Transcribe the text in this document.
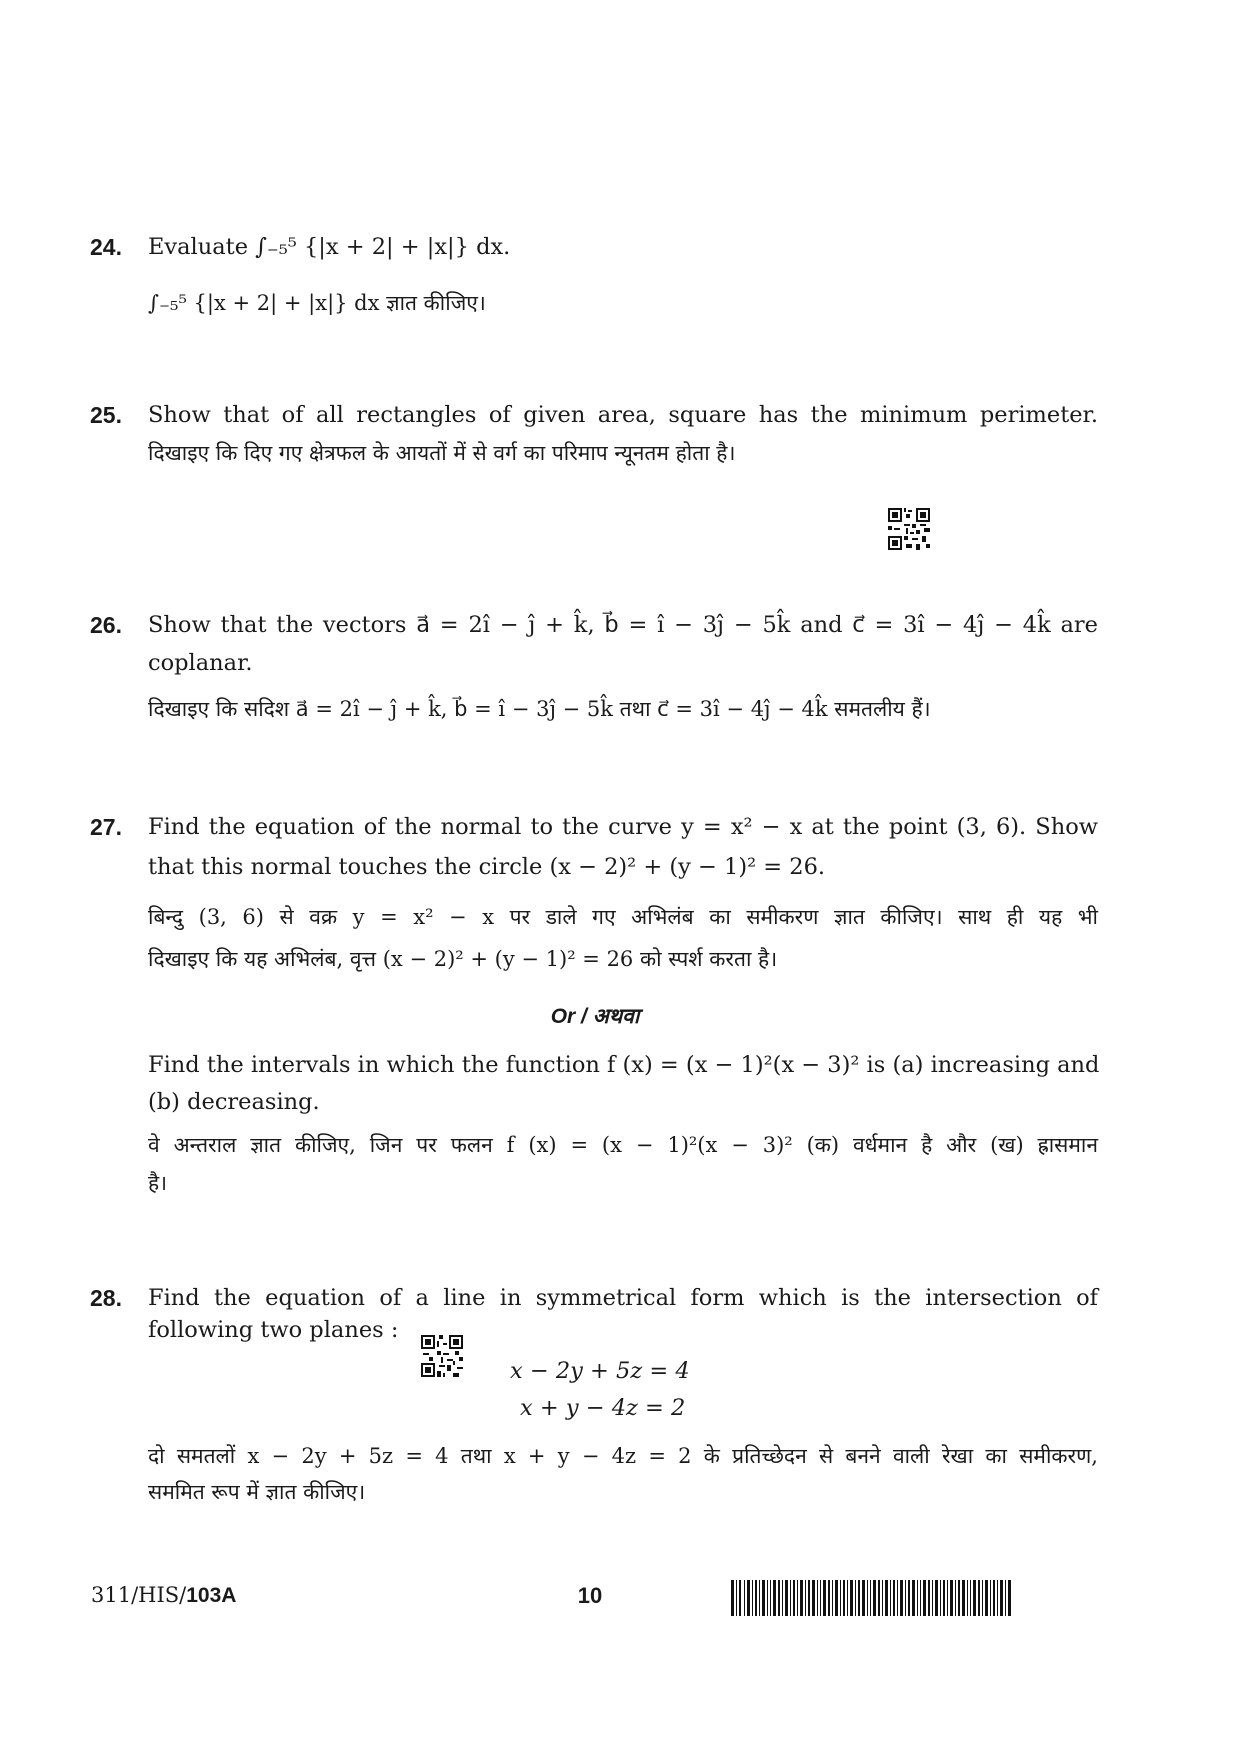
24. Evaluate ∫₋₅⁵ {|x + 2| + |x|} dx.
∫₋₅⁵ {|x + 2| + |x|} dx ज्ञात कीजिए।
25. Show that of all rectangles of given area, square has the minimum perimeter.
दिखाइए कि दिए गए क्षेत्रफल के आयतों में से वर्ग का परिमाप न्यूनतम होता है।
26. Show that the vectors a⃗ = 2î − ĵ + k̂, b⃗ = î − 3ĵ − 5k̂ and c⃗ = 3î − 4ĵ − 4k̂ are
coplanar.
दिखाइए कि सदिश a⃗ = 2î − ĵ + k̂, b⃗ = î − 3ĵ − 5k̂ तथा c⃗ = 3î − 4ĵ − 4k̂ समतलीय हैं।
27. Find the equation of the normal to the curve y = x² − x at the point (3, 6). Show
that this normal touches the circle (x − 2)² + (y − 1)² = 26.
बिन्दु (3, 6) से वक्र y = x² − x पर डाले गए अभिलंब का समीकरण ज्ञात कीजिए। साथ ही यह भी
दिखाइए कि यह अभिलंब, वृत्त (x − 2)² + (y − 1)² = 26 को स्पर्श करता है।
Or / अथवा
Find the intervals in which the function f (x) = (x − 1)²(x − 3)² is (a) increasing and
(b) decreasing.
वे अन्तराल ज्ञात कीजिए, जिन पर फलन f (x) = (x − 1)²(x − 3)² (क) वर्धमान है और (ख) ह्रासमान
है।
28. Find the equation of a line in symmetrical form which is the intersection of
following two planes :
x − 2y + 5z = 4
x + y − 4z = 2
दो समतलों x − 2y + 5z = 4 तथा x + y − 4z = 2 के प्रतिच्छेदन से बनने वाली रेखा का समीकरण,
सममित रूप में ज्ञात कीजिए।
311/HIS/103A	10
